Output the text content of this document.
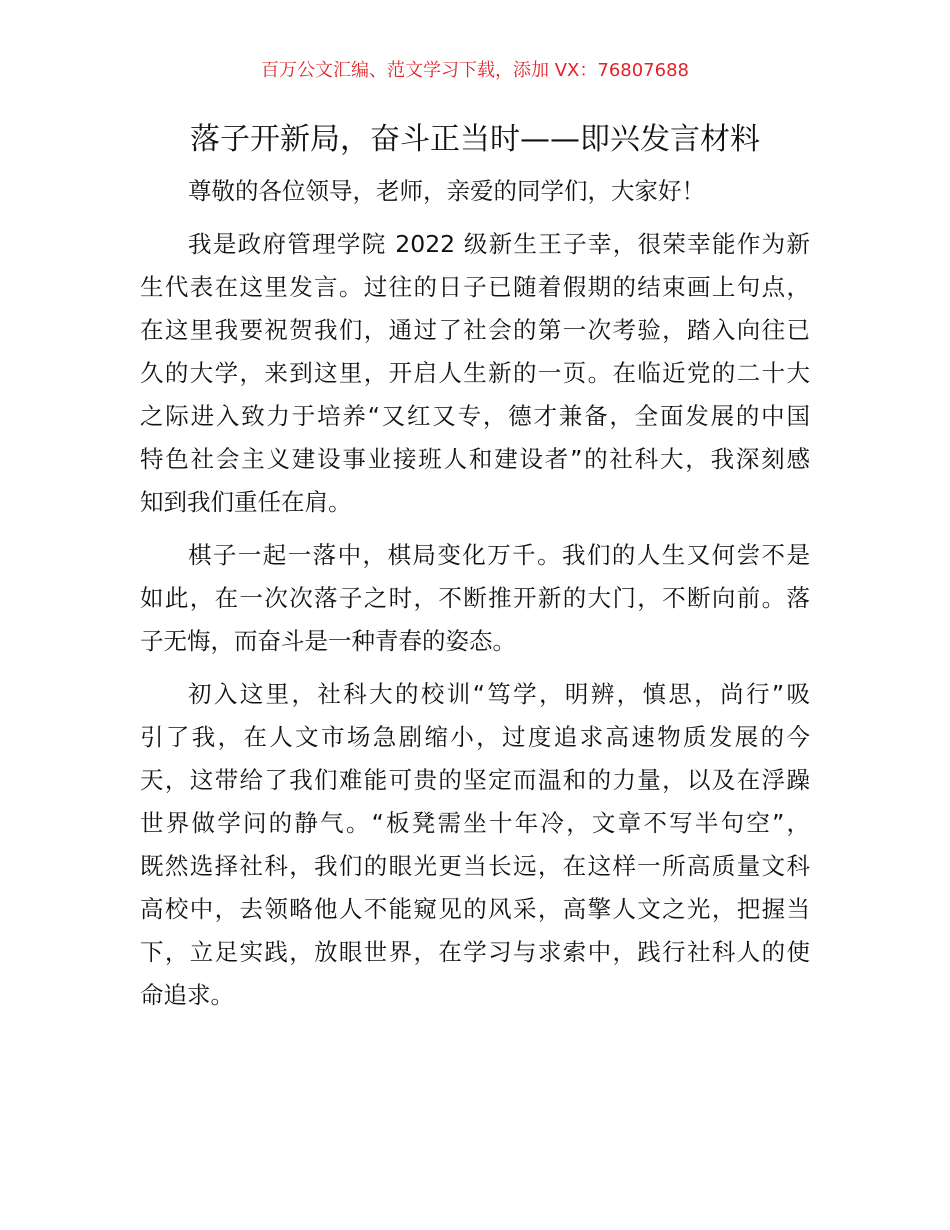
百万公文汇编、范文学习下载，添加 VX：76807688
落子开新局，奋斗正当时——即兴发言材料
尊敬的各位领导，老师，亲爱的同学们，大家好！
我是政府管理学院 2022 级新生王子幸，很荣幸能作为新
生代表在这里发言。过往的日子已随着假期的结束画上句点，
在这里我要祝贺我们，通过了社会的第一次考验，踏入向往已
久的大学，来到这里，开启人生新的一页。在临近党的二十大
之际进入致力于培养“又红又专，德才兼备，全面发展的中国
特色社会主义建设事业接班人和建设者”的社科大，我深刻感
知到我们重任在肩。
棋子一起一落中，棋局变化万千。我们的人生又何尝不是
如此，在一次次落子之时，不断推开新的大门，不断向前。落
子无悔，而奋斗是一种青春的姿态。
初入这里，社科大的校训“笃学，明辨，慎思，尚行”吸
引了我，在人文市场急剧缩小，过度追求高速物质发展的今
天，这带给了我们难能可贵的坚定而温和的力量，以及在浮躁
世界做学问的静气。“板凳需坐十年冷，文章不写半句空”，
既然选择社科，我们的眼光更当长远，在这样一所高质量文科
高校中，去领略他人不能窥见的风采，高擎人文之光，把握当
下，立足实践，放眼世界，在学习与求索中，践行社科人的使
命追求。
